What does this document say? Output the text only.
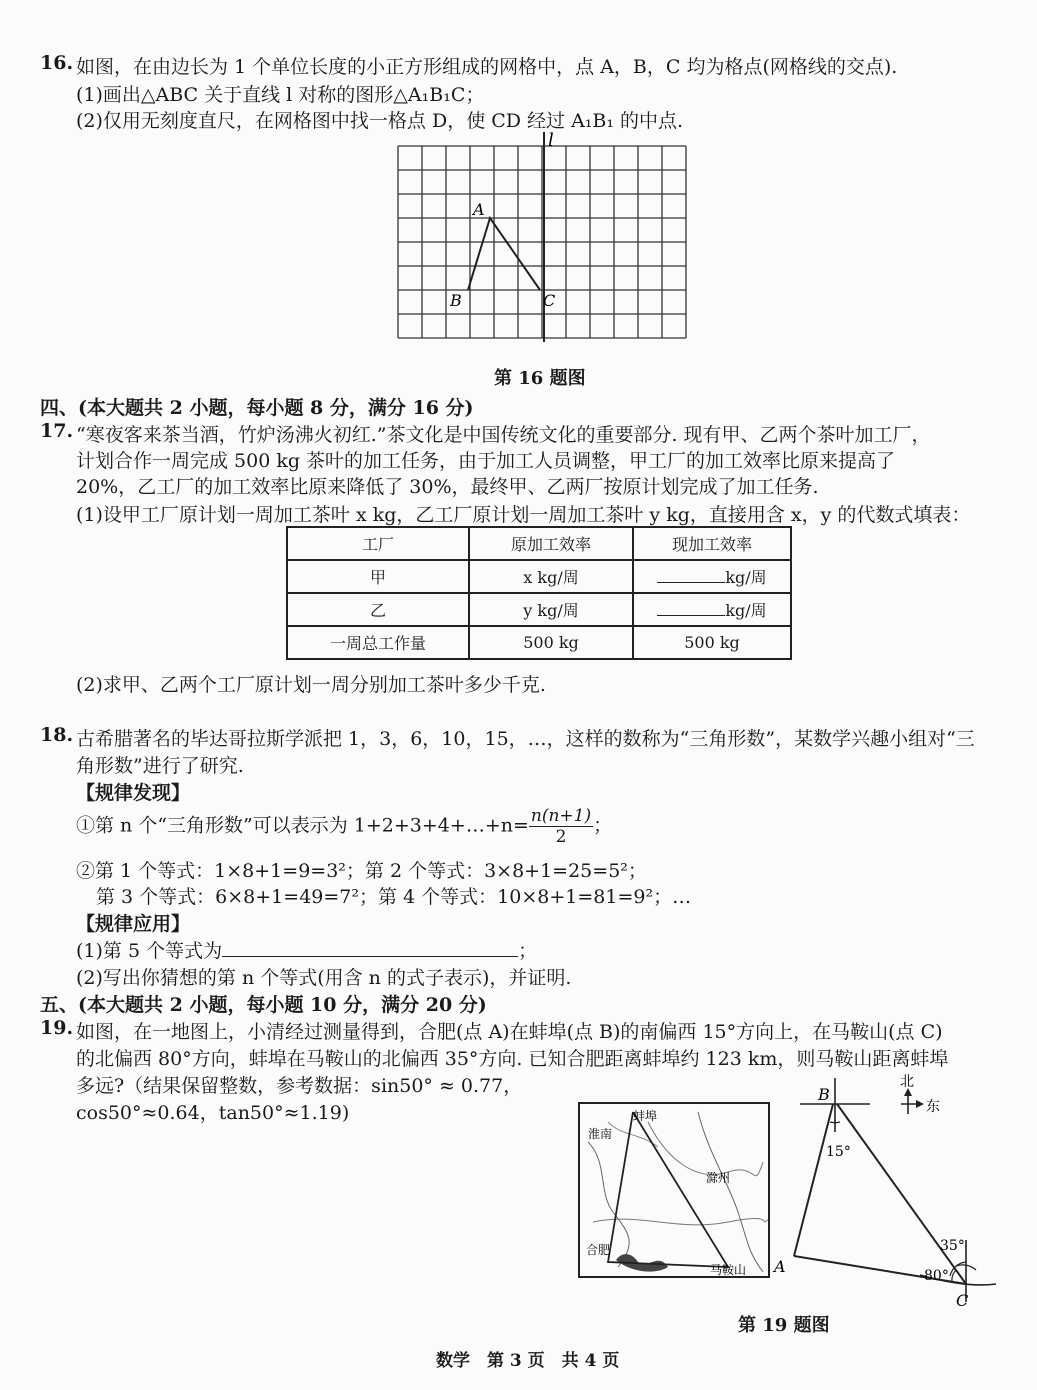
16. 如图，在由边长为 1 个单位长度的小正方形组成的网格中，点 A，B，C 均为格点(网格线的交点).
(1)画出△ABC 关于直线 l 对称的图形△A₁B₁C；
(2)仅用无刻度直尺，在网格图中找一格点 D，使 CD 经过 A₁B₁ 的中点.
l
A
B	C
第 16 题图
四、(本大题共 2 小题，每小题 8 分，满分 16 分)
17. “寒夜客来茶当酒，竹炉汤沸火初红.”茶文化是中国传统文化的重要部分. 现有甲、乙两个茶叶加工厂，
计划合作一周完成 500 kg 茶叶的加工任务，由于加工人员调整，甲工厂的加工效率比原来提高了
20%，乙工厂的加工效率比原来降低了 30%，最终甲、乙两厂按原计划完成了加工任务.
(1)设甲工厂原计划一周加工茶叶 x kg，乙工厂原计划一周加工茶叶 y kg，直接用含 x，y 的代数式填表：
工厂	原加工效率	现加工效率
甲	x kg/周	kg/周
乙	y kg/周	kg/周
一周总工作量	500 kg	500 kg
(2)求甲、乙两个工厂原计划一周分别加工茶叶多少千克.
18. 古希腊著名的毕达哥拉斯学派把 1，3，6，10，15，…，这样的数称为“三角形数”，某数学兴趣小组对“三
角形数”进行了研究.
【规律发现】
①第 n 个“三角形数”可以表示为 1+2+3+4+…+n= $\frac{n(n+1)}{2}$ ；
②第 1 个等式：1×8+1=9=3²；第 2 个等式：3×8+1=25=5²；
第 3 个等式：6×8+1=49=7²；第 4 个等式：10×8+1=81=9²；…
【规律应用】
(1)第 5 个等式为	；
(2)写出你猜想的第 n 个等式(用含 n 的式子表示)，并证明.
五、(本大题共 2 小题，每小题 10 分，满分 20 分)
19. 如图，在一地图上，小清经过测量得到，合肥(点 A)在蚌埠(点 B)的南偏西 15°方向上，在马鞍山(点 C)
的北偏西 80°方向，蚌埠在马鞍山的北偏西 35°方向. 已知合肥距离蚌埠约 123 km，则马鞍山距离蚌埠
多远?（结果保留整数，参考数据：sin50° ≈ 0.77，
cos50°≈0.64，tan50°≈1.19)	蚌埠
淮南
滁州
合肥
马鞍山
北
东
B
A
C
15°
35°
80°
第 19 题图
数学　第 3 页　共 4 页
